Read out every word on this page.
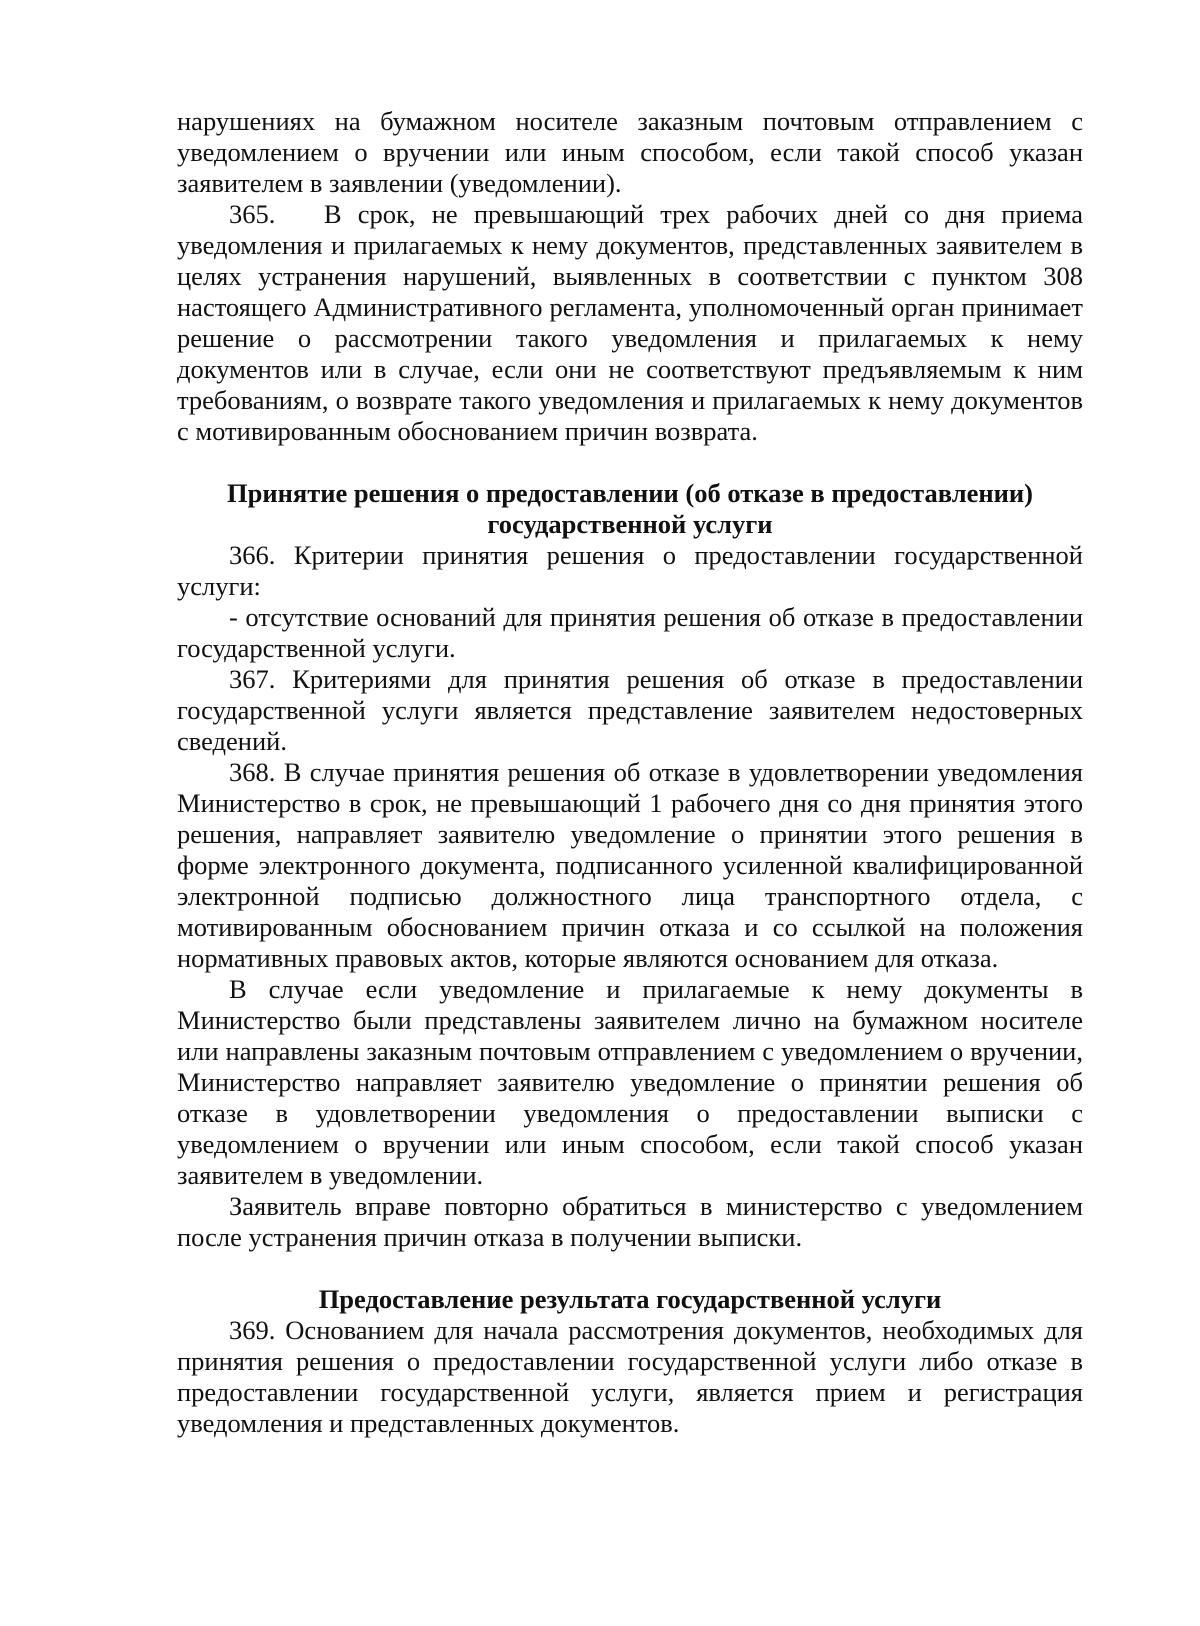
нарушениях на бумажном носителе заказным почтовым отправлением с уведомлением о вручении или иным способом, если такой способ указан заявителем в заявлении (уведомлении).

365.   В срок, не превышающий трех рабочих дней со дня приема уведомления и прилагаемых к нему документов, представленных заявителем в целях устранения нарушений, выявленных в соответствии с пунктом 308 настоящего Административного регламента, уполномоченный орган принимает решение о рассмотрении такого уведомления и прилагаемых к нему документов или в случае, если они не соответствуют предъявляемым к ним требованиям, о возврате такого уведомления и прилагаемых к нему документов с мотивированным обоснованием причин возврата.

Принятие решения о предоставлении (об отказе в предоставлении)

государственной услуги

366. Критерии принятия решения о предоставлении государственной услуги:

- отсутствие оснований для принятия решения об отказе в предоставлении государственной услуги.

367. Критериями для принятия решения об отказе в предоставлении государственной услуги является представление заявителем недостоверных сведений.

368. В случае принятия решения об отказе в удовлетворении уведомления Министерство в срок, не превышающий 1 рабочего дня со дня принятия этого решения, направляет заявителю уведомление о принятии этого решения в форме электронного документа, подписанного усиленной квалифицированной электронной подписью должностного лица транспортного отдела, с мотивированным обоснованием причин отказа и со ссылкой на положения нормативных правовых актов, которые являются основанием для отказа.

В случае если уведомление и прилагаемые к нему документы в Министерство были представлены заявителем лично на бумажном носителе или направлены заказным почтовым отправлением с уведомлением о вручении, Министерство направляет заявителю уведомление о принятии решения об отказе в удовлетворении уведомления о предоставлении выписки с уведомлением о вручении или иным способом, если такой способ указан заявителем в уведомлении.

Заявитель вправе повторно обратиться в министерство с уведомлением после устранения причин отказа в получении выписки.

Предоставление результата государственной услуги

369. Основанием для начала рассмотрения документов, необходимых для принятия решения о предоставлении государственной услуги либо отказе в предоставлении государственной услуги, является прием и регистрация уведомления и представленных документов.
